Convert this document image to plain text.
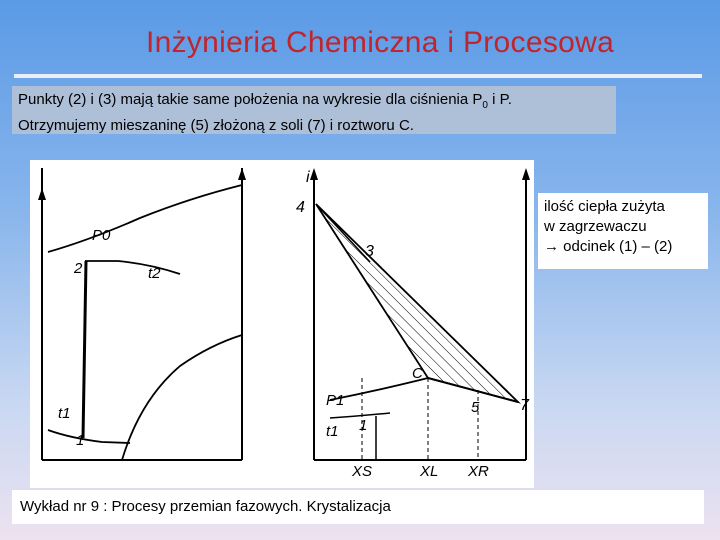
Inżynieria Chemiczna i Procesowa
Punkty (2) i (3) mają takie same położenia na wykresie dla ciśnienia $P_0$ i P.
Otrzymujemy mieszaninę (5) złożoną z soli (7) i roztworu C.
P0
t2
2
t1
1
i
4
3
C
5	7
P1
t1 1
XS	XL XR
ilość ciepła zużyta
w zagrzewaczu
→ odcinek (1) – (2)
Wykład nr 9 : Procesy przemian fazowych. Krystalizacja
